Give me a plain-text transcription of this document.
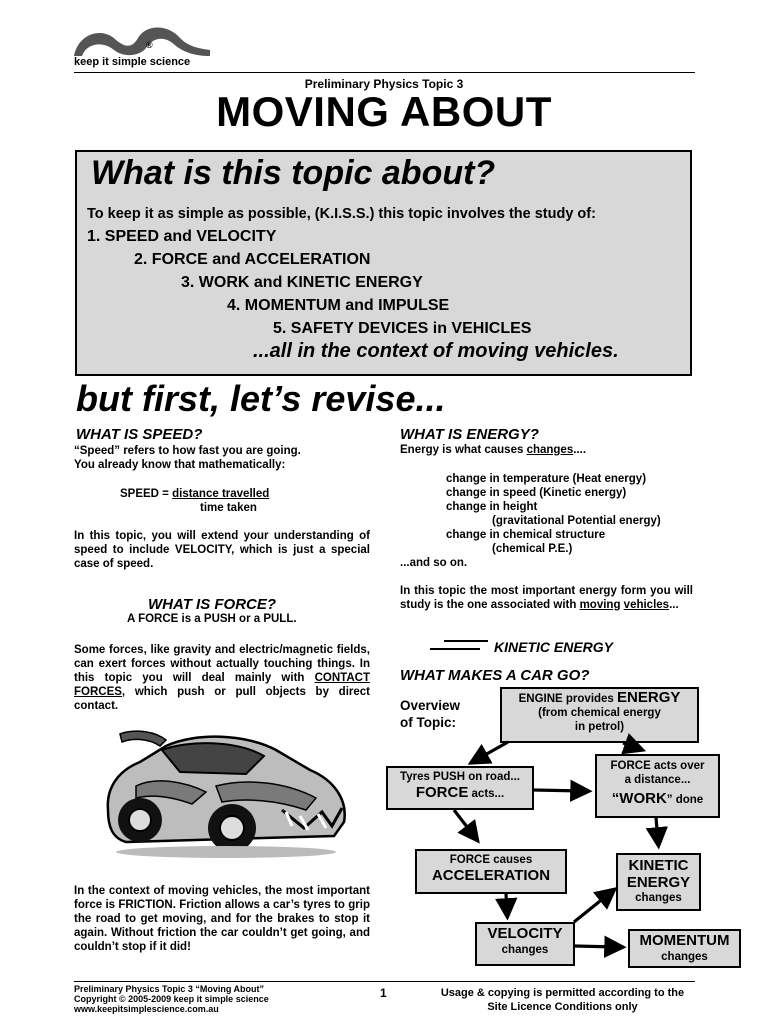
®
keep it simple science
Preliminary Physics Topic 3
MOVING ABOUT
What is this topic about?
To keep it as simple as possible, (K.I.S.S.) this topic involves the study of:
1. SPEED and VELOCITY
2. FORCE and ACCELERATION
3. WORK and KINETIC ENERGY
4. MOMENTUM and IMPULSE
5. SAFETY DEVICES in VEHICLES
...all in the context of moving vehicles.
but first, let’s revise...
WHAT IS SPEED?
“Speed” refers to how fast you are going.
You already know that mathematically:
SPEED = distance travelled
time taken
In this topic, you will extend your understanding of speed to include VELOCITY, which is just a special case of speed.
WHAT IS FORCE?
A FORCE is a PUSH or a PULL.
Some forces, like gravity and electric/magnetic fields, can exert forces without actually touching things. In this topic you will deal mainly with CONTACT FORCES, which push or pull objects by direct contact.
In the context of moving vehicles, the most important force is FRICTION. Friction allows a car’s tyres to grip the road to get moving, and for the brakes to stop it again. Without friction the car couldn’t get going, and couldn’t stop if it did!
WHAT IS ENERGY?
Energy is what causes changes....
change in temperature (Heat energy)
change in speed (Kinetic energy)
change in height
(gravitational Potential energy)
change in chemical structure
(chemical P.E.)
...and so on.
In this topic the most important energy form you will study is the one associated with moving vehicles...
KINETIC ENERGY
WHAT MAKES A CAR GO?
Overview
of Topic:
ENGINE provides ENERGY
(from chemical energy
in petrol)
Tyres PUSH on road...
FORCE acts...
FORCE acts over
a distance...
“WORK” done
FORCE causes
ACCELERATION
KINETIC
ENERGY
changes
VELOCITY
changes
MOMENTUM
changes
Preliminary Physics Topic 3 “Moving About”
Copyright © 2005-2009 keep it simple science
www.keepitsimplescience.com.au
1	Usage & copying is permitted according to the
Site Licence Conditions only
